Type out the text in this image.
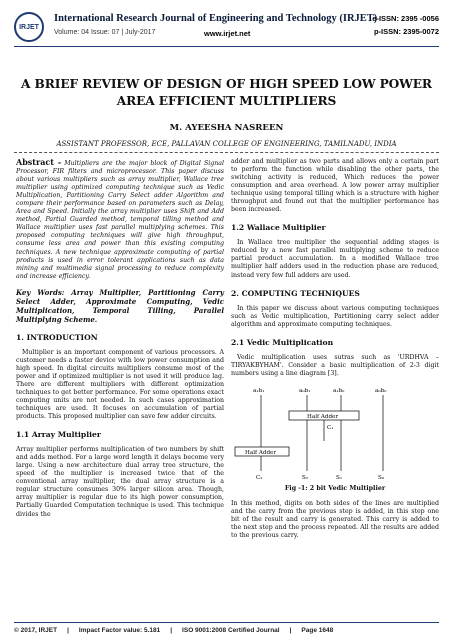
IRJET
International Research Journal of Engineering and Technology (IRJET)
Volume: 04 Issue: 07 | July-2017	www.irjet.net
e-ISSN: 2395 -0056
p-ISSN: 2395-0072
A BRIEF REVIEW OF DESIGN OF HIGH SPEED LOW POWER AREA EFFICIENT MULTIPLIERS
M. AYEESHA NASREEN
ASSISTANT PROFESSOR, ECE, PALLAVAN COLLEGE OF ENGINEERING, TAMILNADU, INDIA

Abstract - Multipliers are the major block of Digital Signal Processor, FIR filters and microprocessor. This paper discuss about various multipliers such as array multiplier, Wallace tree multiplier using optimized computing technique such as Vedic Multiplication, Partitioning Carry Select adder Algorithm and compare their performance based on parameters such as Delay, Area and Speed. Initially the array multiplier uses Shift and Add method, Partial Guarded method, temporal tilling method and Wallace multiplier uses fast parallel multiplying schemes. This proposed computing techniques will give high throughput, consume less area and power than this existing computing techniques. A new technique approximate computing of partial products is used in error tolerant applications such as data mining and multimedia signal processing to reduce complexity and increase efficiency.

Key Words: Array Multiplier, Partitioning Carry Select Adder, Approximate Computing, Vedic Multiplication, Temporal Tilling, Parallel Multiplying Scheme.

1. INTRODUCTION

Multiplier is an important component of various processors. A customer needs a faster device with low power consumption and high speed. In digital circuits multipliers consume most of the power and if optimized multiplier is not used it will produce lag. There are different multipliers with different optimization techniques to get better performance. For some operations exact computing units are not needed. In such cases approximation techniques are used. It focuses on accumulation of partial products. This proposed multiplier can save few adder circuits.

1.1 Array Multiplier

Array multiplier performs multiplication of two numbers by shift and adds method. For a large word length it delays become very large. Using a new architecture dual array tree structure, the speed of the multiplier is increased twice that of the conventional array multiplier, the dual array structure is a regular structure consumes 30% larger silicon area. Though, array multiplier is regular due to its high power consumption, Partially Guarded Computation technique is used. This technique divides the

adder and multiplier as two parts and allows only a certain part to perform the function while disabling the other parts, the switching activity is reduced, Which reduces the power consumption and area overhead. A low power array multiplier technique using temporal tilling which is a structure with higher throughput and found out that the multiplier performance has been increased.

1.2 Wallace Multiplier

In Wallace tree multiplier the sequential adding stages is reduced by a new fast parallel multiplying scheme to reduce partial product accumulation. In a modified Wallace tree multiplier half adders used in the reduction phase are reduced, instead very few full adders are used.

2. COMPUTING TECHNIQUES

In this paper we discuss about various computing techniques such as Vedic multiplication, Partitioning carry select adder algorithm and approximate computing techniques.

2.1 Vedic Multiplication

Vedic multiplication uses sutras such as 'URDHVA – TIRYAKBYHAM'. Consider a basic multiplication of 2-3 digit numbers using a line diagram [3].

a₁b₁	a₀b₁	a₁b₀	a₀b₀
Half Adder
C₁
Half Adder
C₂	S₂	S₁	S₀
Fig -1: 2 bit Vedic Multiplier

In this method, digits on both sides of the lines are multiplied and the carry from the previous step is added, in this step one bit of the result and carry is generated. This carry is added to the next step and the process repeated. All the results are added to the previous carry.

© 2017, IRJET | Impact Factor value: 5.181 | ISO 9001:2008 Certified Journal | Page 1648
